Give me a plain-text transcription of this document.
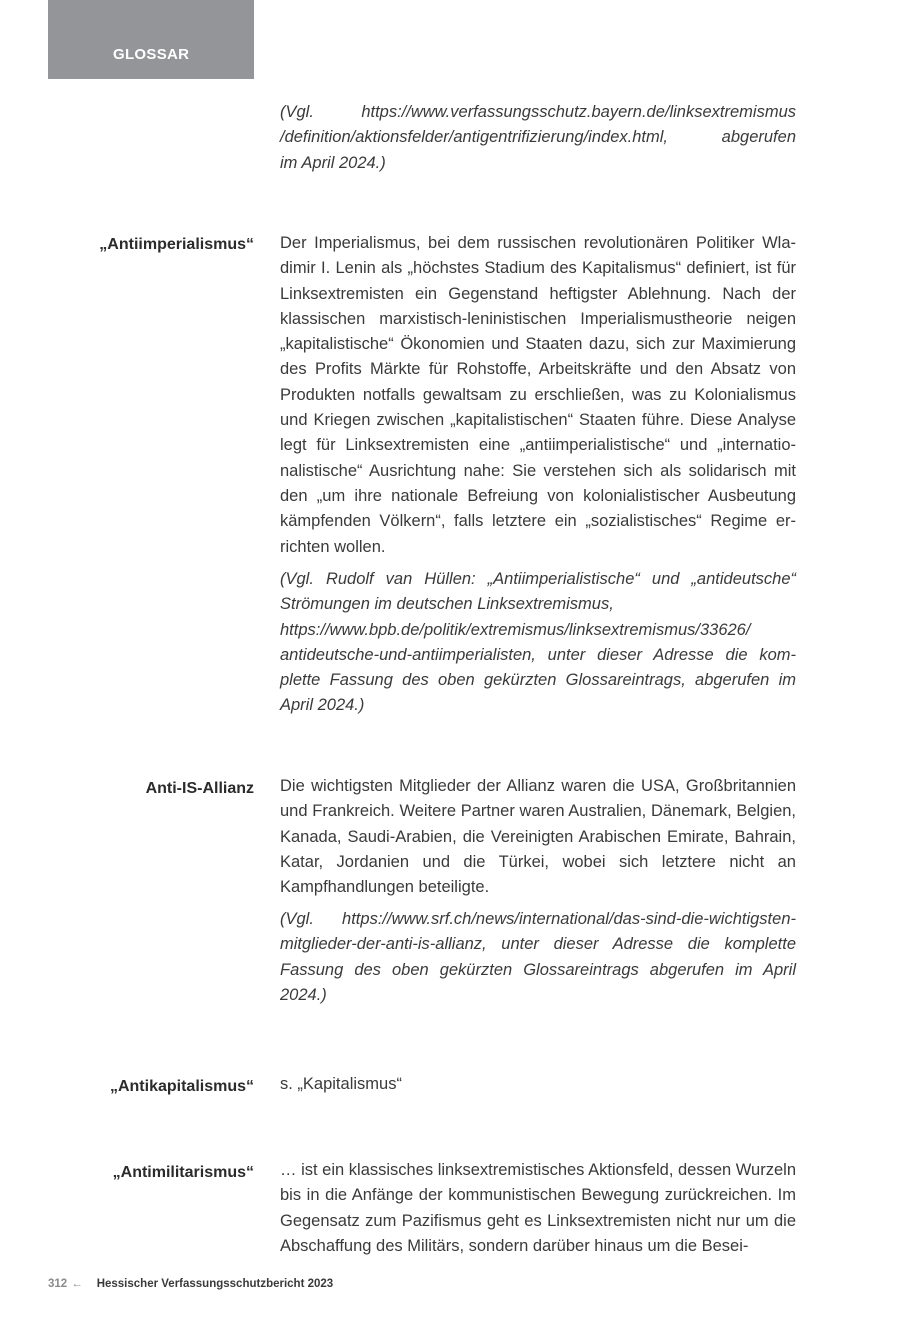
GLOSSAR

(Vgl. https://www.verfassungsschutz.bayern.de/linksextremismus
/definition/aktionsfelder/antigentrifizierung/index.html, abgerufen
im April 2024.)

„Antiimperialismus“ Der Imperialismus, bei dem russischen revolutionären Politiker Wladimir I. Lenin als „höchstes Stadium des Kapitalismus“ definiert, ist für Linksextremisten ein Gegenstand heftigster Ablehnung. Nach der klassischen marxistisch-leninistischen Imperialismustheorie neigen „kapitalistische“ Ökonomien und Staaten dazu, sich zur Maximierung des Profits Märkte für Rohstoffe, Arbeitskräfte und den Absatz von Produkten notfalls gewaltsam zu erschließen, was zu Kolonialismus und Kriegen zwischen „kapitalistischen“ Staaten führe. Diese Analyse legt für Linksextremisten eine „antiimperialistische“ und „internationalistische“ Ausrichtung nahe: Sie verstehen sich als solidarisch mit den „um ihre nationale Befreiung von kolonialistischer Ausbeutung kämpfenden Völkern“, falls letztere ein „sozialistisches“ Regime errichten wollen.

(Vgl. Rudolf van Hüllen: „Antiimperialistische“ und „antideutsche“
Strömungen im deutschen Linksextremismus,

https://www.bpb.de/politik/extremismus/linksextremismus/33626/
antideutsche-und-antiimperialisten, unter dieser Adresse die kom-
plette Fassung des oben gekürzten Glossareintrags, abgerufen im
April 2024.)

Anti-IS-Allianz Die wichtigsten Mitglieder der Allianz waren die USA, Großbritannien und Frankreich. Weitere Partner waren Australien, Dänemark, Belgien, Kanada, Saudi-Arabien, die Vereinigten Arabischen Emirate, Bahrain, Katar, Jordanien und die Türkei, wobei sich letztere nicht an Kampfhandlungen beteiligte.

(Vgl. https://www.srf.ch/news/international/das-sind-die-wichtigsten-
mitglieder-der-anti-is-allianz, unter dieser Adresse die komplette
Fassung des oben gekürzten Glossareintrags abgerufen im April
2024.)

„Antikapitalismus“ s. „Kapitalismus“

„Antimilitarismus“ … ist ein klassisches linksextremistisches Aktionsfeld, dessen Wurzeln bis in die Anfänge der kommunistischen Bewegung zurückreichen. Im Gegensatz zum Pazifismus geht es Linksextremisten nicht nur um die Abschaffung des Militärs, sondern darüber hinaus um die Besei-

312 ← Hessischer Verfassungsschutzbericht 2023
